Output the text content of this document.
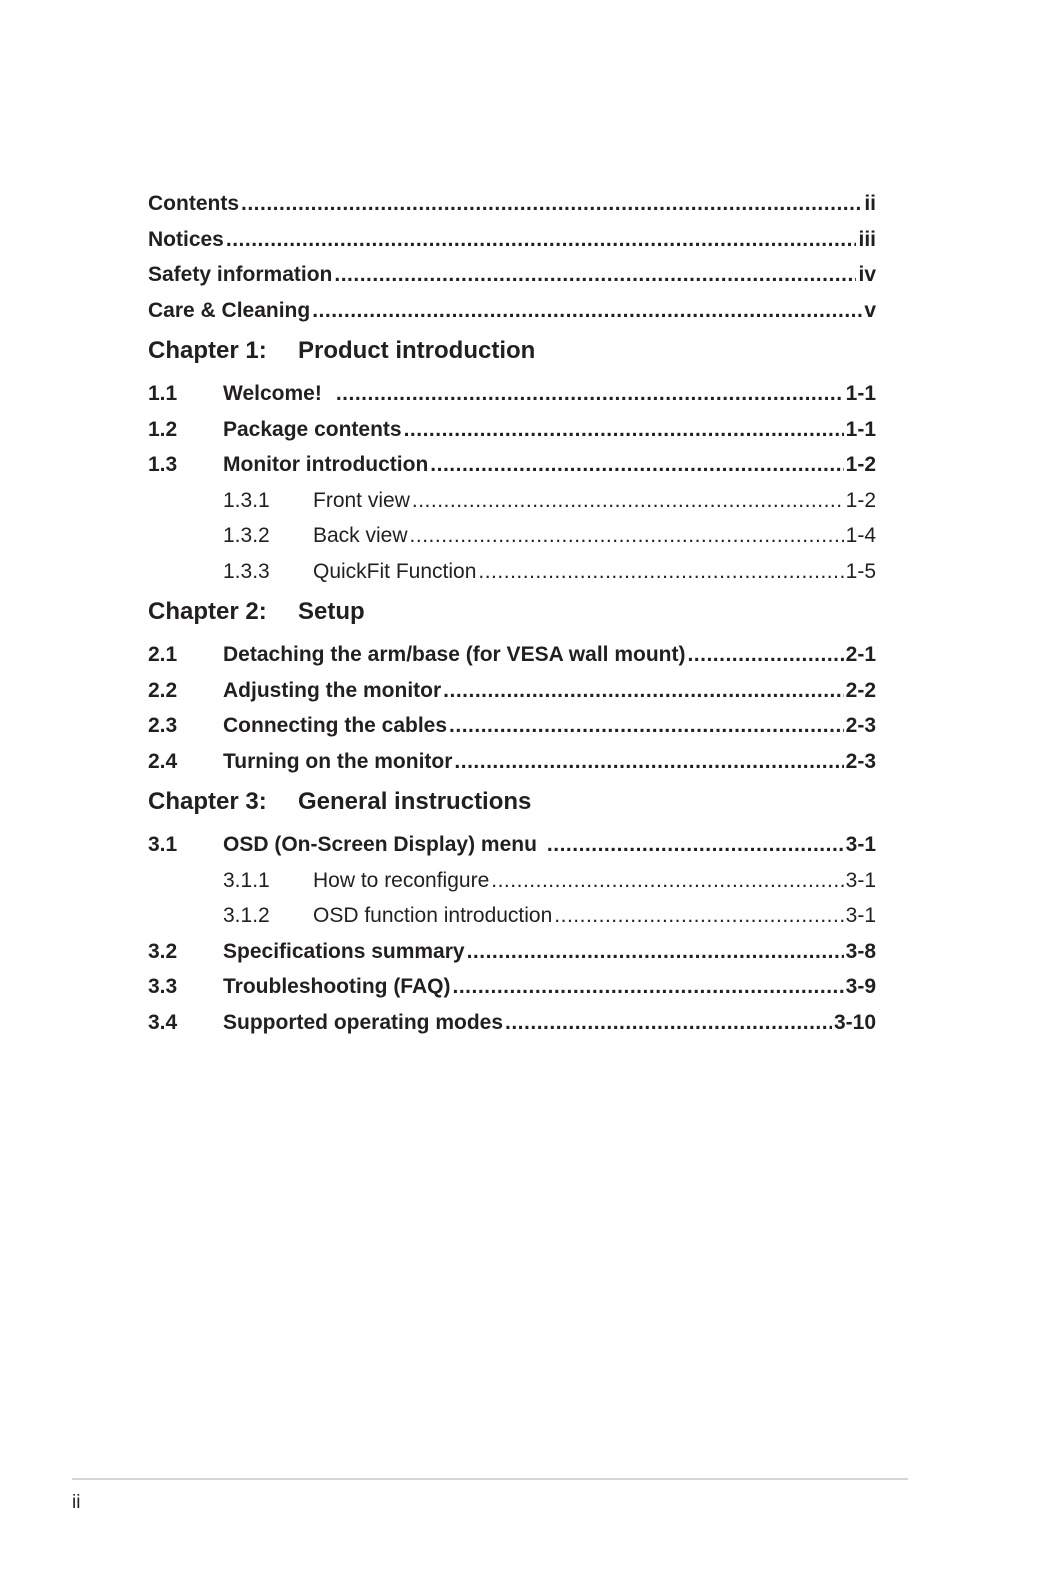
Contents .....	ii
Notices .....	iii
Safety information .....	iv
Care & Cleaning .....	v
Chapter 1:	Product introduction
1.1	Welcome! .....	1-1
1.2	Package contents .....	1-1
1.3	Monitor introduction .....	1-2
1.3.1	Front view .....	1-2
1.3.2	Back view .....	1-4
1.3.3	QuickFit Function .....	1-5
Chapter 2:	Setup
2.1	Detaching the arm/base (for VESA wall mount) .....	2-1
2.2	Adjusting the monitor .....	2-2
2.3	Connecting the cables .....	2-3
2.4	Turning on the monitor .....	2-3
Chapter 3:	General instructions
3.1	OSD (On-Screen Display) menu .....	3-1
3.1.1	How to reconfigure .....	3-1
3.1.2	OSD function introduction .....	3-1
3.2	Specifications summary .....	3-8
3.3	Troubleshooting (FAQ) .....	3-9
3.4	Supported operating modes .....	3-10
ii
